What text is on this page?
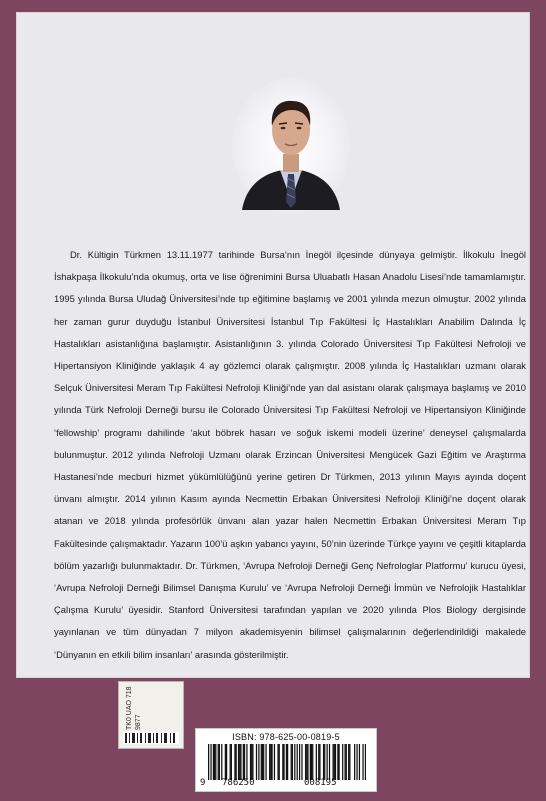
Dr. Kültigin Türkmen 13.11.1977 tarihinde Bursa’nın İnegöl ilçesinde dünyaya gelmiştir. İlkokulu İnegöl İshakpaşa İlkokulu’nda okumuş, orta ve lise öğrenimini Bursa Uluabatlı Hasan Anadolu Lisesi’nde tamamlamıştır. 1995 yılında Bursa Uludağ Üniversitesi’nde tıp eğitimine başlamış ve 2001 yılında mezun olmuştur. 2002 yılında her zaman gurur duyduğu İstanbul Üniversitesi İstanbul Tıp Fakültesi İç Hastalıkları Anabilim Dalında İç Hastalıkları asistanlığına başlamıştır. Asistanlığının 3. yılında Colorado Üniversitesi Tıp Fakültesi Nefroloji ve Hipertansiyon Kliniğinde yaklaşık 4 ay gözlemci olarak çalışmıştır. 2008 yılında İç Hastalıkları uzmanı olarak Selçuk Üniversitesi Meram Tıp Fakültesi Nefroloji Kliniği’nde yan dal asistanı olarak çalışmaya başlamış ve 2010 yılında Türk Nefroloji Derneği bursu ile Colorado Üniversitesi Tıp Fakültesi Nefroloji ve Hipertansiyon Kliniğinde ‘fellowship’ programı dahilinde ‘akut böbrek hasarı ve soğuk iskemi modeli üzerine’ deneysel çalışmalarda bulunmuştur. 2012 yılında Nefroloji Uzmanı olarak Erzincan Üniversitesi Mengücek Gazi Eğitim ve Araştırma Hastanesi’nde mecburi hizmet yükümlülüğünü yerine getiren Dr Türkmen, 2013 yılının Mayıs ayında doçent ünvanı almıştır. 2014 yılının Kasım ayında Necmettin Erbakan Üniversitesi Nefroloji Kliniği’ne doçent olarak atanan ve 2018 yılında profesörlük ünvanı alan yazar halen Necmettin Erbakan Üniversitesi Meram Tıp Fakültesinde çalışmaktadır. Yazarın 100’ü aşkın yabancı yayını, 50’nin üzerinde Türkçe yayını ve çeşitli kitaplarda bölüm yazarlığı bulunmaktadır. Dr. Türkmen, ‘Avrupa Nefroloji Derneği Genç Nefrologlar Platformu’ kurucu üyesi, ‘Avrupa Nefroloji Derneği Bilimsel Danışma Kurulu’ ve ‘Avrupa Nefroloji Derneği İmmün ve Nefrolojik Hastalıklar Çalışma Kurulu’ üyesidir. Stanford Üniversitesi tarafından yapılan ve 2020 yılında Plos Biology dergisinde yayınlanan ve tüm dünyadan 7 milyon akademisyenin bilimsel çalışmalarının değerlendirildiği makalede ‘Dünyanın en etkili bilim insanları’ arasında gösterilmiştir.

TK0 UAO 7189877
ISBN: 978-625-00-0819-5
9 786250	008195
